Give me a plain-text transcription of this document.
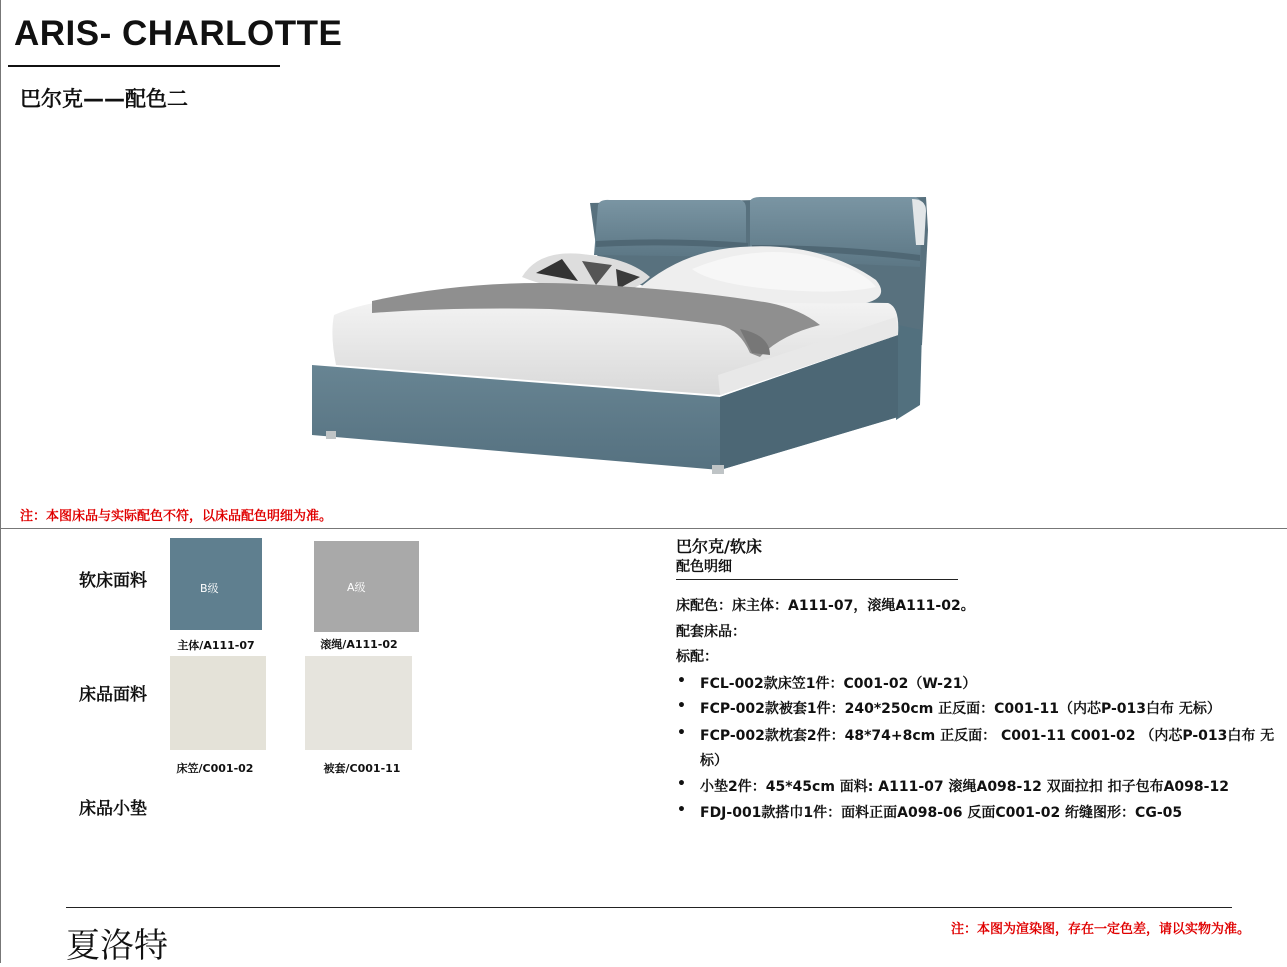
ARIS- CHARLOTTE
巴尔克——配色二
注：本图床品与实际配色不符，以床品配色明细为准。
软床面料
床品面料
床品小垫
B级
主体/A111-07
A级
滚绳/A111-02
床笠/C001-02	被套/C001-11
巴尔克/软床
配色明细
床配色：床主体：A111-07，滚绳A111-02。
配套床品：
标配：
• FCL-002款床笠1件：C001-02（W-21）
• FCP-002款被套1件：240*250cm 正反面：C001-11（内芯P-013白布 无标）
• FCP-002款枕套2件：48*74+8cm 正反面： C001-11 C001-02 （内芯P-013白布 无
标）
• 小垫2件：45*45cm 面料: A111-07 滚绳A098-12 双面拉扣 扣子包布A098-12
• FDJ-001款搭巾1件：面料正面A098-06 反面C001-02 绗缝图形：CG-05
夏洛特	注：本图为渲染图，存在一定色差，请以实物为准。
